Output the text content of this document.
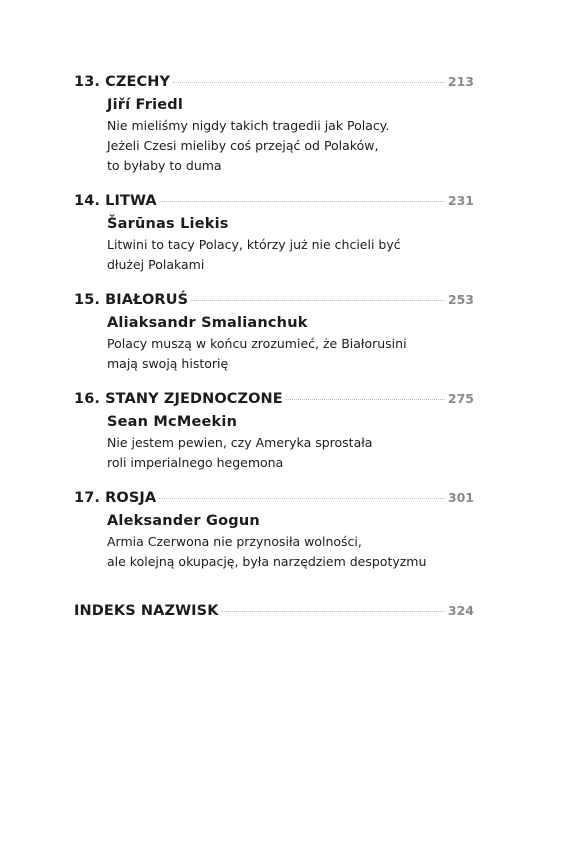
13. CZECHY	213
Jiří Friedl
Nie mieliśmy nigdy takich tragedii jak Polacy.
Jeżeli Czesi mieliby coś przejąć od Polaków,
to byłaby to duma
14. LITWA	231
Šarūnas Liekis
Litwini to tacy Polacy, którzy już nie chcieli być
dłużej Polakami
15. BIAŁORUŚ	253
Aliaksandr Smalianchuk
Polacy muszą w końcu zrozumieć, że Białorusini
mają swoją historię
16. STANY ZJEDNOCZONE	275
Sean McMeekin
Nie jestem pewien, czy Ameryka sprostała
roli imperialnego hegemona
17. ROSJA	301
Aleksander Gogun
Armia Czerwona nie przynosiła wolności,
ale kolejną okupację, była narzędziem despotyzmu
INDEKS NAZWISK	324
